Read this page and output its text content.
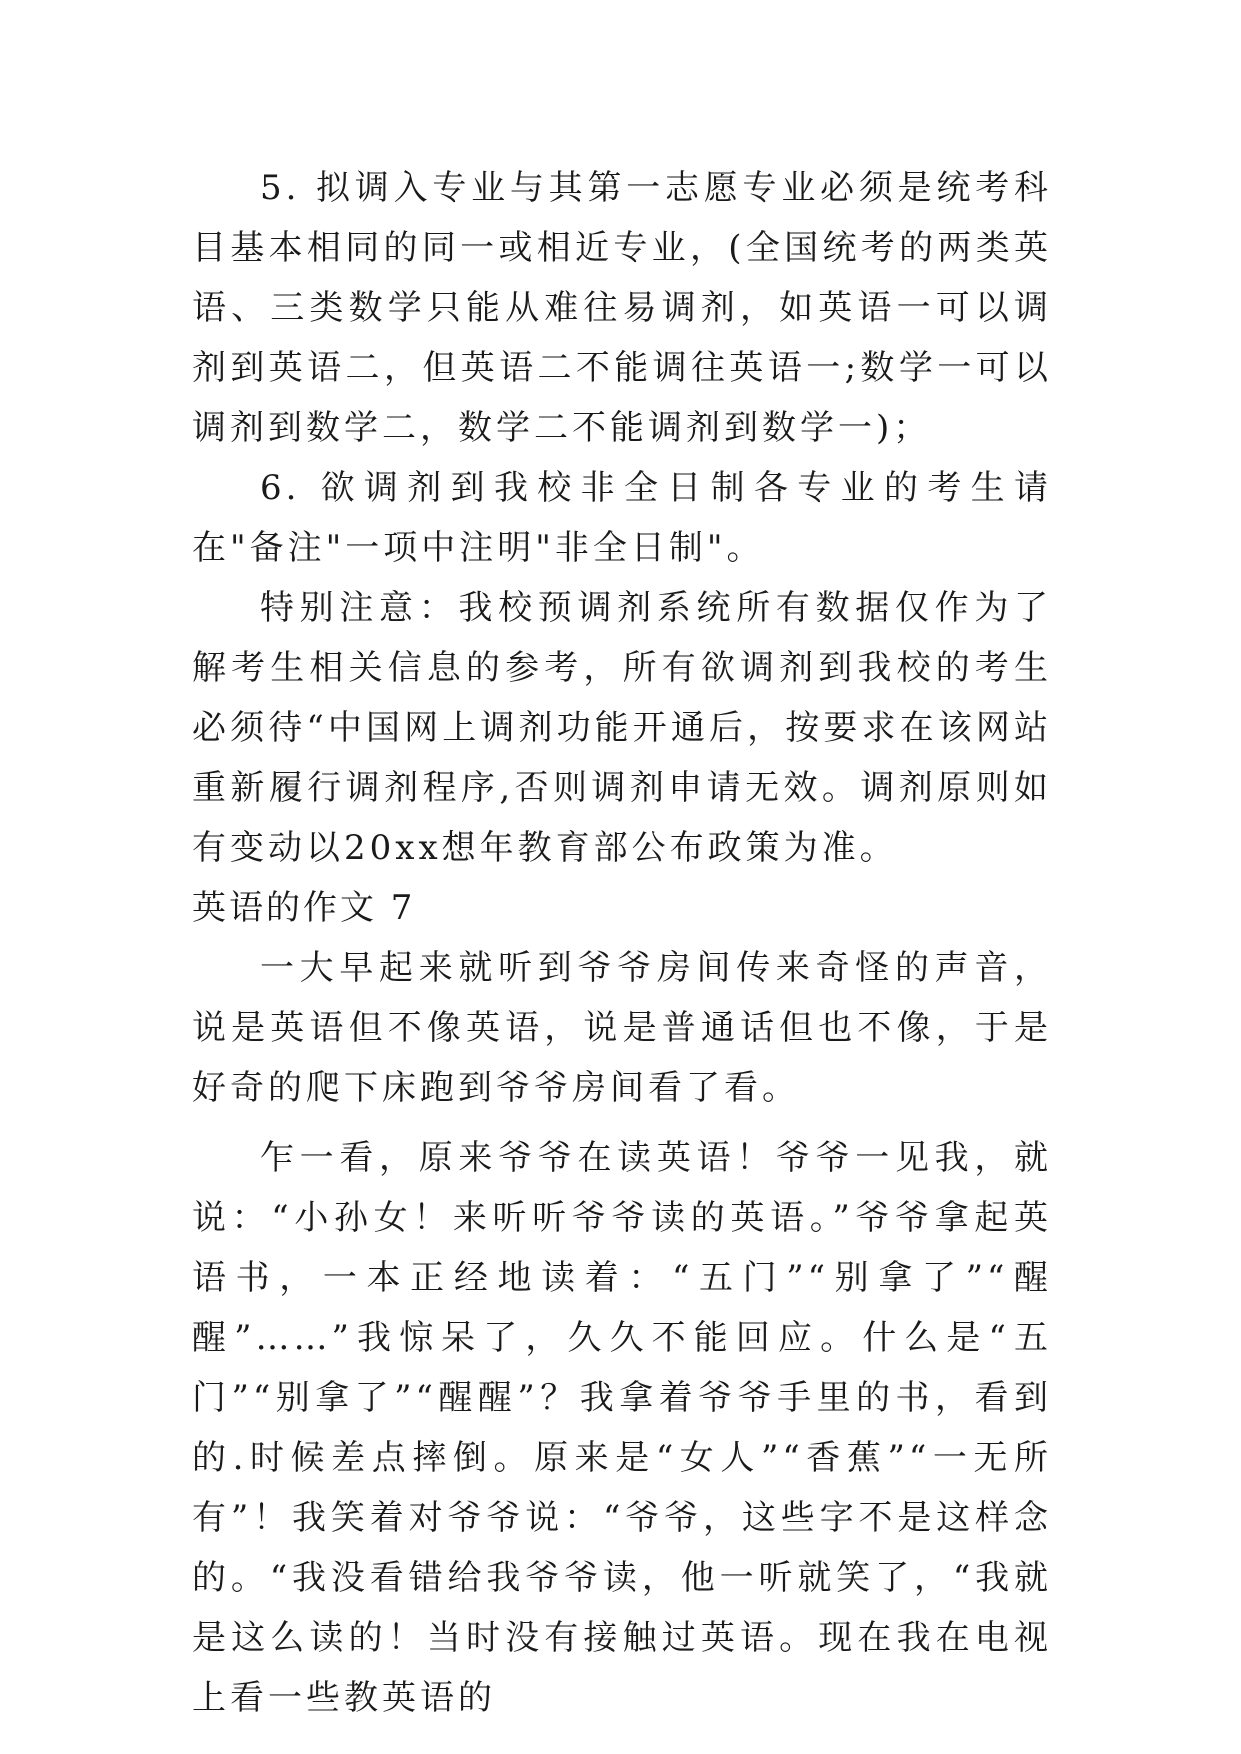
5. 拟调入专业与其第一志愿专业必须是统考科目基本相同的同一或相近专业，(全国统考的两类英语、三类数学只能从难往易调剂，如英语一可以调剂到英语二，但英语二不能调往英语一;数学一可以调剂到数学二，数学二不能调剂到数学一)；

6. 欲调剂到我校非全日制各专业的考生请在"备注"一项中注明"非全日制"。

特别注意：我校预调剂系统所有数据仅作为了解考生相关信息的参考，所有欲调剂到我校的考生必须待“中国网上调剂功能开通后，按要求在该网站重新履行调剂程序,否则调剂申请无效。调剂原则如有变动以20xx想年教育部公布政策为准。

英语的作文 7

一大早起来就听到爷爷房间传来奇怪的声音，说是英语但不像英语，说是普通话但也不像，于是好奇的爬下床跑到爷爷房间看了看。

乍一看，原来爷爷在读英语！爷爷一见我，就说：“小孙女！来听听爷爷读的英语。”爷爷拿起英语书，一本正经地读着：“五门”“别拿了”“醒醒”……”我惊呆了，久久不能回应。什么是“五门”“别拿了”“醒醒”？我拿着爷爷手里的书，看到的.时候差点摔倒。原来是“女人”“香蕉”“一无所有”！我笑着对爷爷说：“爷爷，这些字不是这样念的。“我没看错给我爷爷读，他一听就笑了，“我就是这么读的！当时没有接触过英语。现在我在电视上看一些教英语的
